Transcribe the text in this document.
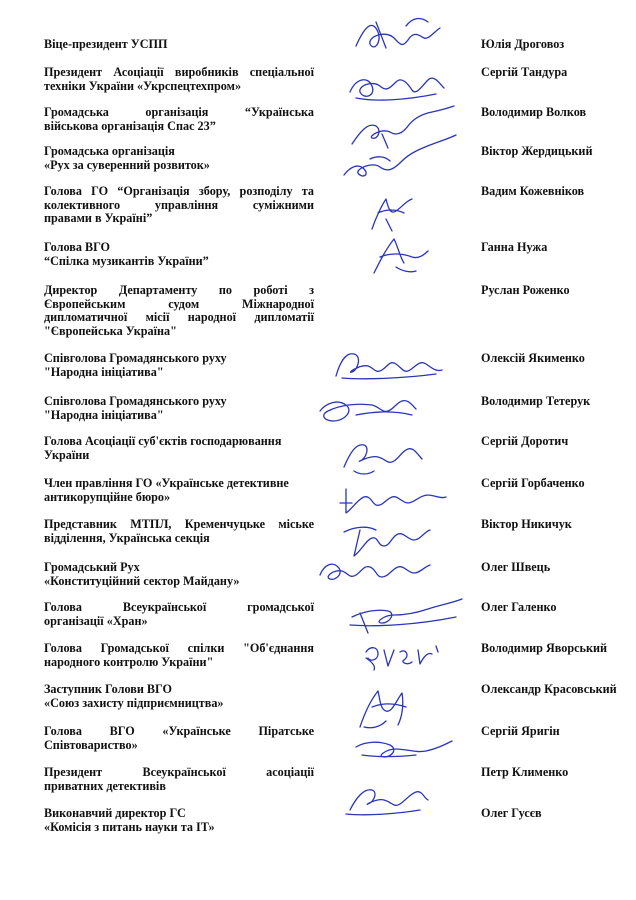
Віце-президент УСПП	Юлія Дроговоз
Президент Асоціації виробників спеціальної
техніки України «Укрспецтехпром»
Сергій Тандура
Громадська організація “Українська
військова організація Спас 23”
Володимир Волков
Громадська організація
«Рух за суверенний розвиток»
Віктор Жердицький
Голова ГО “Організація збору, розподілу та
колективного управління суміжними
правами в Україні”
Вадим Кожевніков
Голова ВГО
“Спілка музикантів України”
Ганна Нужа
Директор Департаменту по роботі з
Європейським судом Міжнародної
дипломатичної місії народної дипломатії
"Європейська Україна"
Руслан Роженко
Співголова Громадянського руху
"Народна ініціатива"
Олексій Якименко
Співголова Громадянського руху
"Народна ініціатива"
Володимир Тетерук
Голова Асоціації суб'єктів господарювання
України
Сергій Доротич
Член правління ГО «Українське детективне
антикорупційне бюро»
Сергій Горбаченко
Представник МТПЛ, Кременчуцьке міське
відділення, Українська секція
Віктор Никичук
Громадський Рух
«Конституційний сектор Майдану»
Олег Швець
Голова Всеукраїнської громадської
організації «Хран»
Олег Галенко
Голова Громадської спілки "Об'єднання
народного контролю України"
Володимир Яворський
Заступник Голови ВГО
«Союз захисту підприємництва»
Олександр Красовський
Голова ВГО «Українське Піратське
Співтовариство»
Сергій Яригін
Президент Всеукраїнської асоціації
приватних детективів
Петр Клименко
Виконавчий директор ГС
«Комісія з питань науки та ІТ»
Олег Гусєв
